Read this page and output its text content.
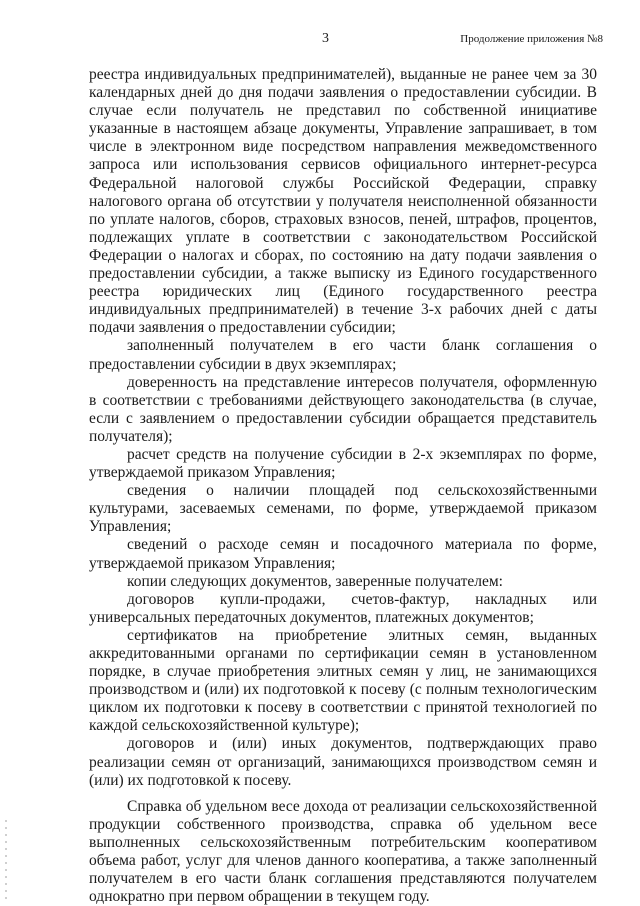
3	Продолжение приложения №8

реестра индивидуальных предпринимателей), выданные не ранее чем за 30 календарных дней до дня подачи заявления о предоставлении субсидии. В случае если получатель не представил по собственной инициативе указанные в настоящем абзаце документы, Управление запрашивает, в том числе в электронном виде посредством направления межведомственного запроса или использования сервисов официального интернет-ресурса Федеральной налоговой службы Российской Федерации, справку налогового органа об отсутствии у получателя неисполненной обязанности по уплате налогов, сборов, страховых взносов, пеней, штрафов, процентов, подлежащих уплате в соответствии с законодательством Российской Федерации о налогах и сборах, по состоянию на дату подачи заявления о предоставлении субсидии, а также выписку из Единого государственного реестра юридических лиц (Единого государственного реестра индивидуальных предпринимателей) в течение 3-х рабочих дней с даты подачи заявления о предоставлении субсидии;

заполненный получателем в его части бланк соглашения о предоставлении субсидии в двух экземплярах;

доверенность на представление интересов получателя, оформленную в соответствии с требованиями действующего законодательства (в случае, если с заявлением о предоставлении субсидии обращается представитель получателя);

расчет средств на получение субсидии в 2-х экземплярах по форме, утверждаемой приказом Управления;

сведения о наличии площадей под сельскохозяйственными культурами, засеваемых семенами, по форме, утверждаемой приказом Управления;

сведений о расходе семян и посадочного материала по форме, утверждаемой приказом Управления;

копии следующих документов, заверенные получателем:

договоров купли-продажи, счетов-фактур, накладных или универсальных передаточных документов, платежных документов;

сертификатов на приобретение элитных семян, выданных аккредитованными органами по сертификации семян в установленном порядке, в случае приобретения элитных семян у лиц, не занимающихся производством и (или) их подготовкой к посеву (с полным технологическим циклом их подготовки к посеву в соответствии с принятой технологией по каждой сельскохозяйственной культуре);

договоров и (или) иных документов, подтверждающих право реализации семян от организаций, занимающихся производством семян и (или) их подготовкой к посеву.

Справка об удельном весе дохода от реализации сельскохозяйственной продукции собственного производства, справка об удельном весе выполненных сельскохозяйственным потребительским кооперативом объема работ, услуг для членов данного кооператива, а также заполненный получателем в его части бланк соглашения представляются получателем однократно при первом обращении в текущем году.
